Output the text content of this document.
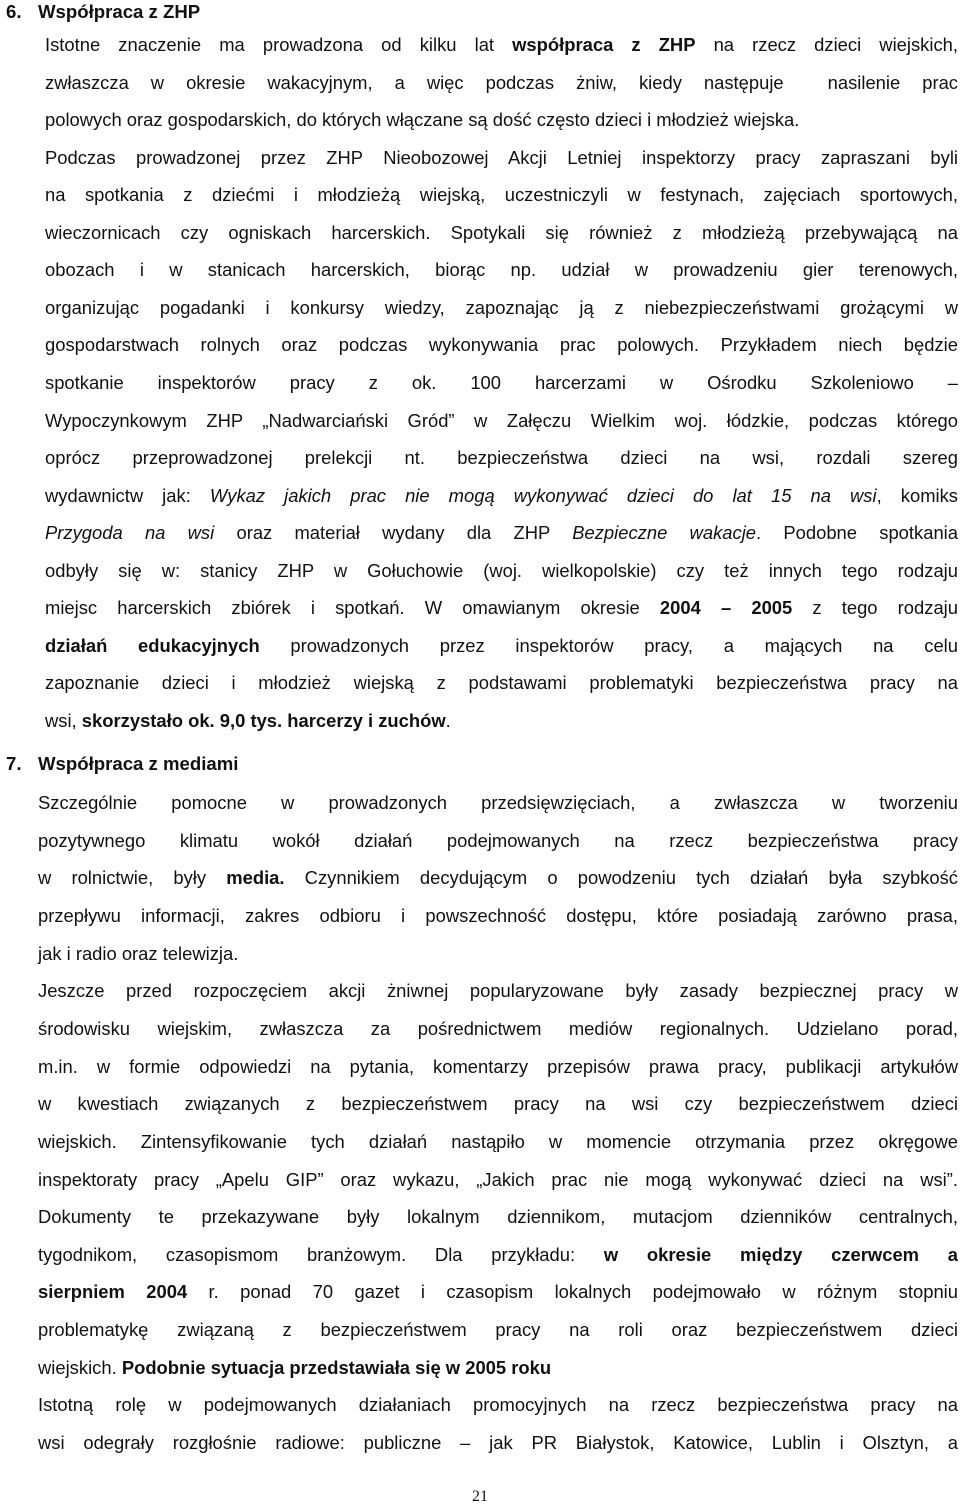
6. Współpraca z ZHP
Istotne znaczenie ma prowadzona od kilku lat współpraca z ZHP na rzecz dzieci wiejskich,
zwłaszcza w okresie wakacyjnym, a więc podczas żniw, kiedy następuje  nasilenie prac
polowych oraz gospodarskich, do których włączane są dość często dzieci i młodzież wiejska.
Podczas prowadzonej przez ZHP Nieobozowej Akcji Letniej inspektorzy pracy zapraszani byli
na spotkania z dziećmi i młodzieżą wiejską, uczestniczyli w festynach, zajęciach sportowych,
wieczornicach czy ogniskach harcerskich. Spotykali się również z młodzieżą przebywającą na
obozach i w stanicach harcerskich, biorąc np. udział w prowadzeniu gier terenowych,
organizując pogadanki i konkursy wiedzy, zapoznając ją z niebezpieczeństwami grożącymi w
gospodarstwach rolnych oraz podczas wykonywania prac polowych. Przykładem niech będzie
spotkanie inspektorów pracy z ok. 100 harcerzami w Ośrodku Szkoleniowo –
Wypoczynkowym ZHP „Nadwarciański Gród” w Załęczu Wielkim woj. łódzkie, podczas którego
oprócz przeprowadzonej prelekcji nt. bezpieczeństwa dzieci na wsi, rozdali szereg
wydawnictw jak: Wykaz jakich prac nie mogą wykonywać dzieci do lat 15 na wsi, komiks
Przygoda na wsi oraz materiał wydany dla ZHP Bezpieczne wakacje. Podobne spotkania
odbyły się w: stanicy ZHP w Gołuchowie (woj. wielkopolskie) czy też innych tego rodzaju
miejsc harcerskich zbiórek i spotkań. W omawianym okresie 2004 – 2005 z tego rodzaju
działań edukacyjnych prowadzonych przez inspektorów pracy, a mających na celu
zapoznanie dzieci i młodzież wiejską z podstawami problematyki bezpieczeństwa pracy na
wsi, skorzystało ok. 9,0 tys. harcerzy i zuchów.
7. Współpraca z mediami
Szczególnie pomocne w prowadzonych przedsięwzięciach, a zwłaszcza w tworzeniu
pozytywnego klimatu wokół działań podejmowanych na rzecz bezpieczeństwa pracy
w rolnictwie, były media. Czynnikiem decydującym o powodzeniu tych działań była szybkość
przepływu informacji, zakres odbioru i powszechność dostępu, które posiadają zarówno prasa,
jak i radio oraz telewizja.
Jeszcze przed rozpoczęciem akcji żniwnej popularyzowane były zasady bezpiecznej pracy w
środowisku wiejskim, zwłaszcza za pośrednictwem mediów regionalnych. Udzielano porad,
m.in. w formie odpowiedzi na pytania, komentarzy przepisów prawa pracy, publikacji artykułów
w kwestiach związanych z bezpieczeństwem pracy na wsi czy bezpieczeństwem dzieci
wiejskich. Zintensyfikowanie tych działań nastąpiło w momencie otrzymania przez okręgowe
inspektoraty pracy „Apelu GIP” oraz wykazu, „Jakich prac nie mogą wykonywać dzieci na wsi”.
Dokumenty te przekazywane były lokalnym dziennikom, mutacjom dzienników centralnych,
tygodnikom, czasopismom branżowym. Dla przykładu: w okresie między czerwcem a
sierpniem 2004 r. ponad 70 gazet i czasopism lokalnych podejmowało w różnym stopniu
problematykę związaną z bezpieczeństwem pracy na roli oraz bezpieczeństwem dzieci
wiejskich. Podobnie sytuacja przedstawiała się w 2005 roku
Istotną rolę w podejmowanych działaniach promocyjnych na rzecz bezpieczeństwa pracy na
wsi odegrały rozgłośnie radiowe: publiczne – jak PR Białystok, Katowice, Lublin i Olsztyn, a
21
